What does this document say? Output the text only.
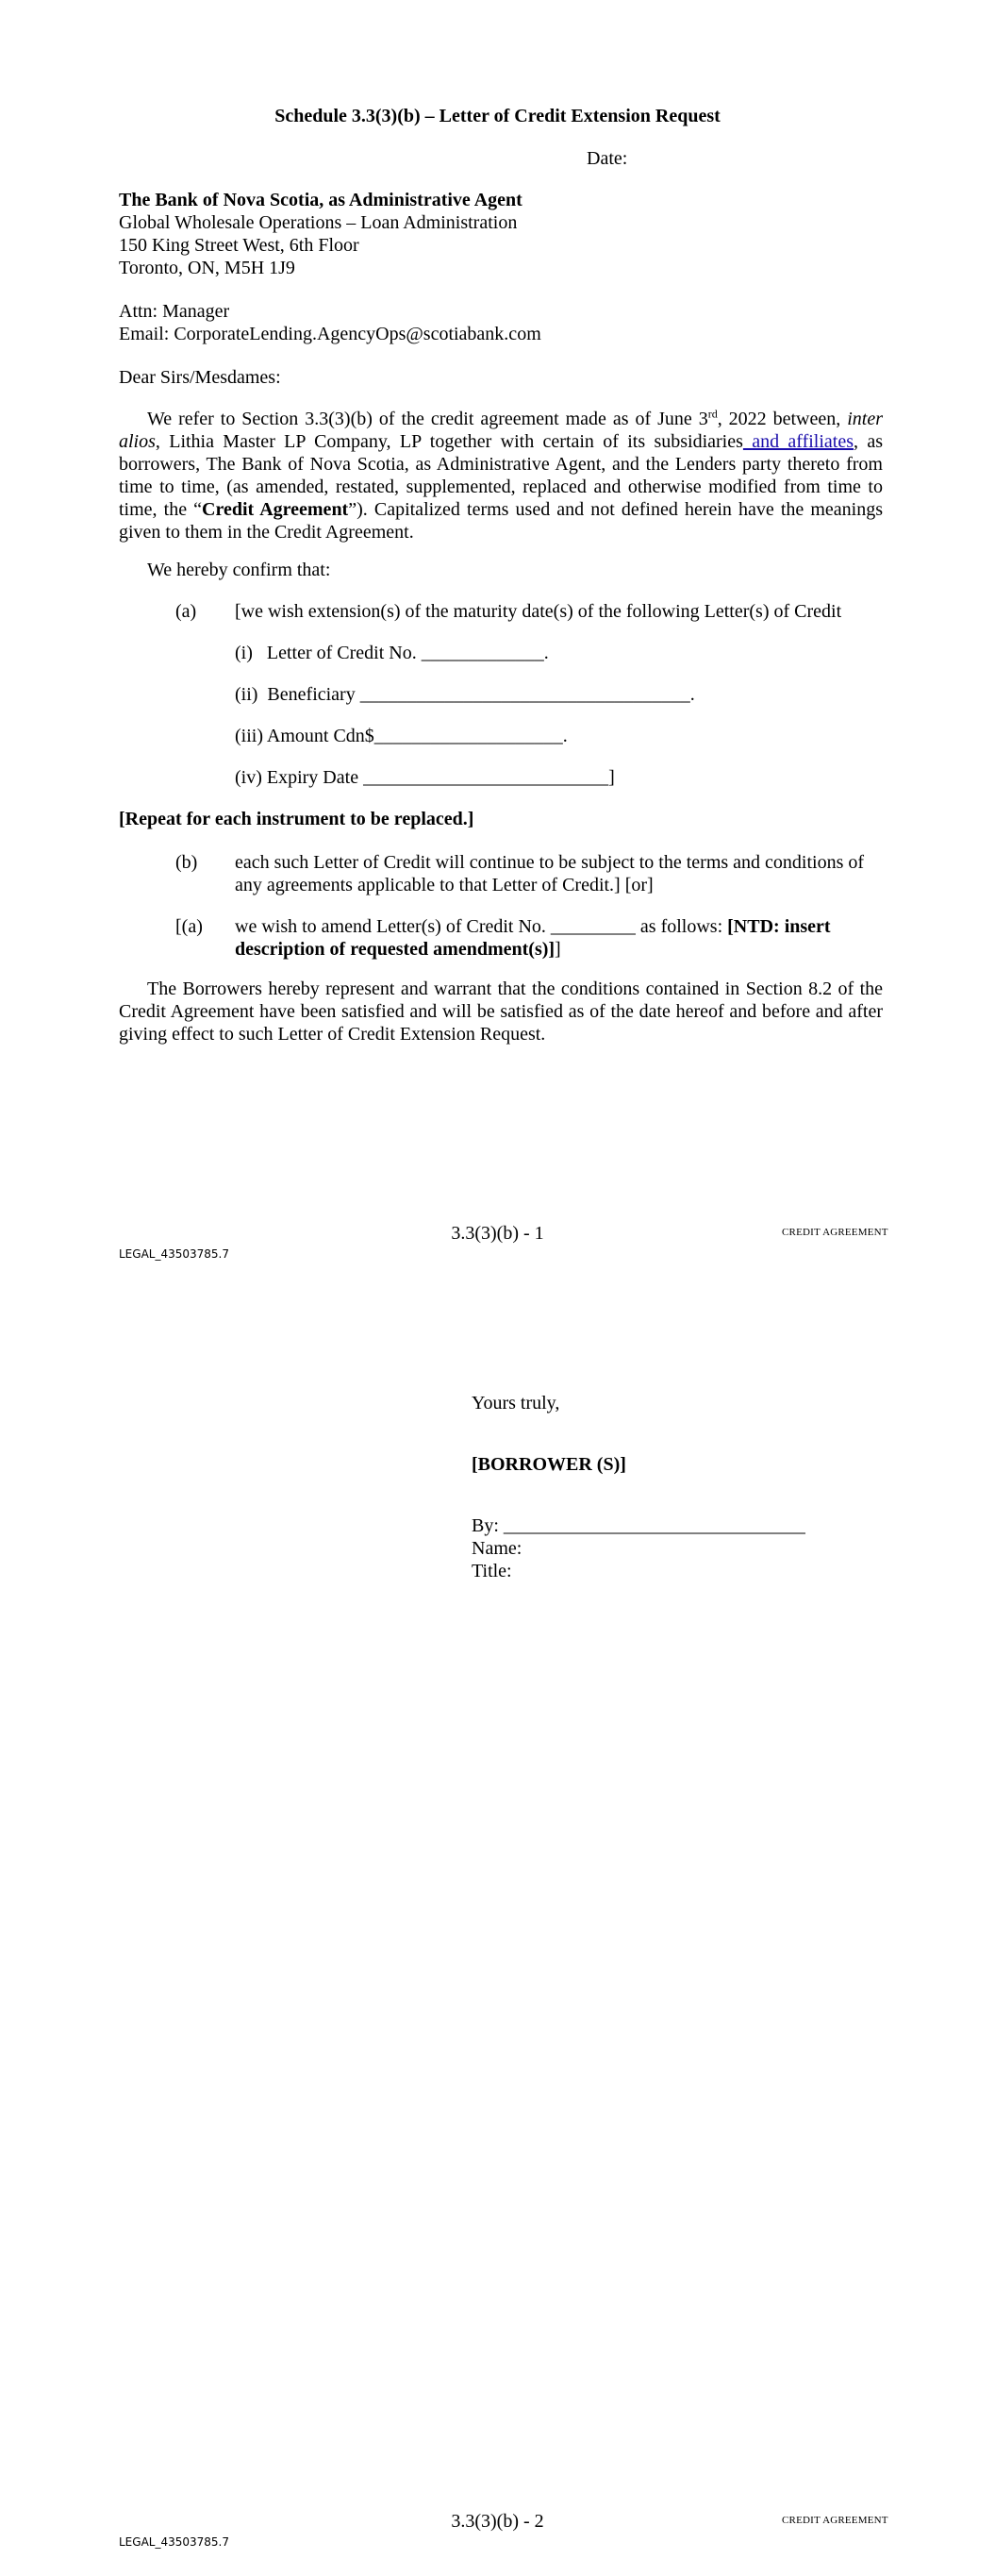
Schedule 3.3(3)(b) – Letter of Credit Extension Request
Date:
The Bank of Nova Scotia, as Administrative Agent
Global Wholesale Operations – Loan Administration
150 King Street West, 6th Floor
Toronto, ON, M5H 1J9
Attn: Manager
Email: CorporateLending.AgencyOps@scotiabank.com
Dear Sirs/Mesdames:
We refer to Section 3.3(3)(b) of the credit agreement made as of June 3rd, 2022 between, inter alios, Lithia Master LP Company, LP together with certain of its subsidiaries and affiliates, as borrowers, The Bank of Nova Scotia, as Administrative Agent, and the Lenders party thereto from time to time, (as amended, restated, supplemented, replaced and otherwise modified from time to time, the “Credit Agreement”). Capitalized terms used and not defined herein have the meanings given to them in the Credit Agreement.
We hereby confirm that:
(a) [we wish extension(s) of the maturity date(s) of the following Letter(s) of Credit
(i)   Letter of Credit No. _____________.
(ii)  Beneficiary ___________________________________.
(iii) Amount Cdn$____________________.
(iv) Expiry Date __________________________]
[Repeat for each instrument to be replaced.]
(b) each such Letter of Credit will continue to be subject to the terms and conditions of any agreements applicable to that Letter of Credit.] [or]
[(a) we wish to amend Letter(s) of Credit No. _________ as follows: [NTD: insert description of requested amendment(s)]]
The Borrowers hereby represent and warrant that the conditions contained in Section 8.2 of the Credit Agreement have been satisfied and will be satisfied as of the date hereof and before and after giving effect to such Letter of Credit Extension Request.
3.3(3)(b) - 1	CREDIT AGREEMENT
LEGAL_43503785.7
Yours truly,
[BORROWER (S)]
By: ________________________________
Name:
Title:
3.3(3)(b) - 2	CREDIT AGREEMENT
LEGAL_43503785.7
